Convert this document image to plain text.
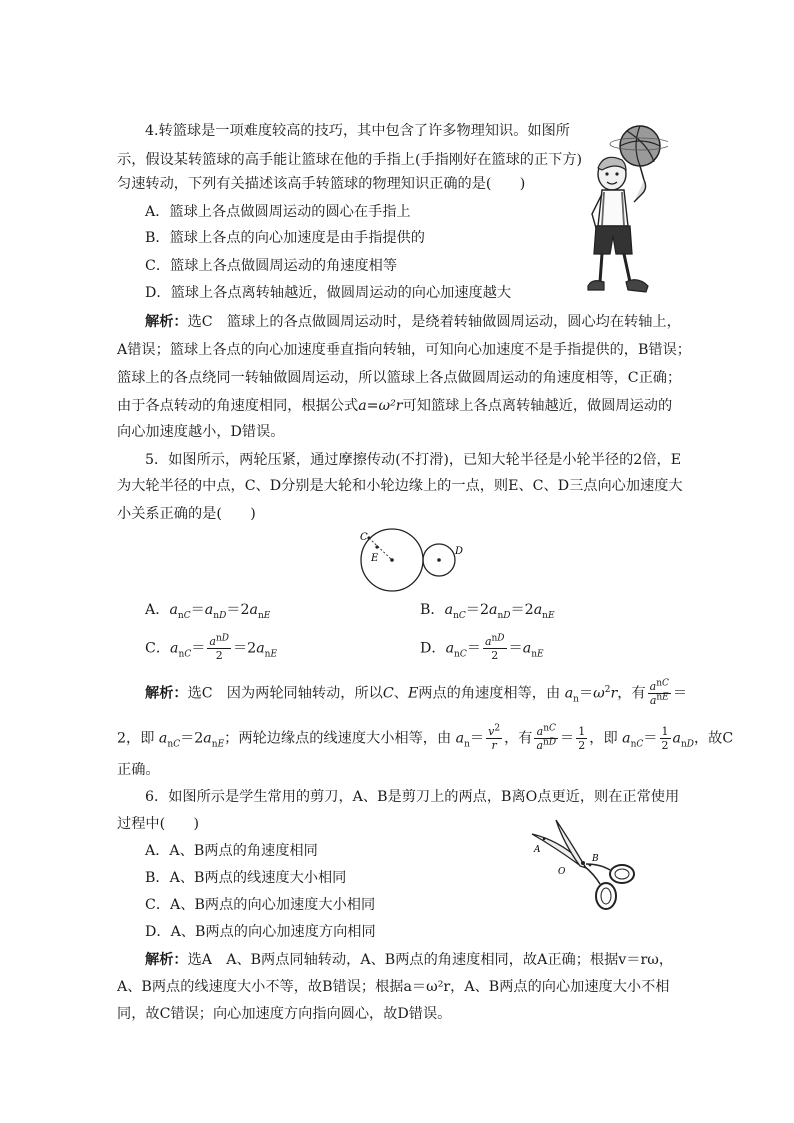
4.转篮球是一项难度较高的技巧，其中包含了许多物理知识。如图所
示，假设某转篮球的高手能让篮球在他的手指上(手指刚好在篮球的正下方)
匀速转动，下列有关描述该高手转篮球的物理知识正确的是(　　)
A．篮球上各点做圆周运动的圆心在手指上
B．篮球上各点的向心加速度是由手指提供的
C．篮球上各点做圆周运动的角速度相等
D．篮球上各点离转轴越近，做圆周运动的向心加速度越大
解析：选C　篮球上的各点做圆周运动时，是绕着转轴做圆周运动，圆心均在转轴上，
A错误；篮球上各点的向心加速度垂直指向转轴，可知向心加速度不是手指提供的，B错误；
篮球上的各点绕同一转轴做圆周运动，所以篮球上各点做圆周运动的角速度相等，C正确；
由于各点转动的角速度相同，根据公式a=ω²r可知篮球上各点离转轴越近，做圆周运动的
向心加速度越小，D错误。
5．如图所示，两轮压紧，通过摩擦传动(不打滑)，已知大轮半径是小轮半径的2倍，E
为大轮半径的中点，C、D分别是大轮和小轮边缘上的一点，则E、C、D三点向心加速度大
小关系正确的是(　　)
C
E
D
A．$a_{nC}=a_{nD}=2a_{nE}$	B．$a_{nC}=2a_{nD}=2a_{nE}$
C．$a_{nC}= \frac{a^{nD}}{2} =2a_{nE}$	D．$a_{nC}= \frac{a^{nD}}{2} =a_{nE}$
解析：选C　因为两轮同轴转动，所以C、E两点的角速度相等，由 $a_n=\omega^2r$，有 $\frac{a^{nC}}{a^{nE}}$ ＝
2，即 $a_{nC}=2a_{nE}$；两轮边缘点的线速度大小相等，由 $a_n= \frac{v^2}{r}$ ，有 $\frac{a^{nC}}{a^{nD}} = \frac{1}{2}$ ，即 $a_{nC}= \frac{1}{2} a_{nD}$，故C
正确。
6．如图所示是学生常用的剪刀，A、B是剪刀上的两点，B离O点更近，则在正常使用
过程中(　　)
A．A、B两点的角速度相同
B．A、B两点的线速度大小相同
C．A、B两点的向心加速度大小相同
D．A、B两点的向心加速度方向相同
A
O
B
解析：选A　A、B两点同轴转动，A、B两点的角速度相同，故A正确；根据v＝rω，
A、B两点的线速度大小不等，故B错误；根据a＝ω²r，A、B两点的向心加速度大小不相
同，故C错误；向心加速度方向指向圆心，故D错误。
